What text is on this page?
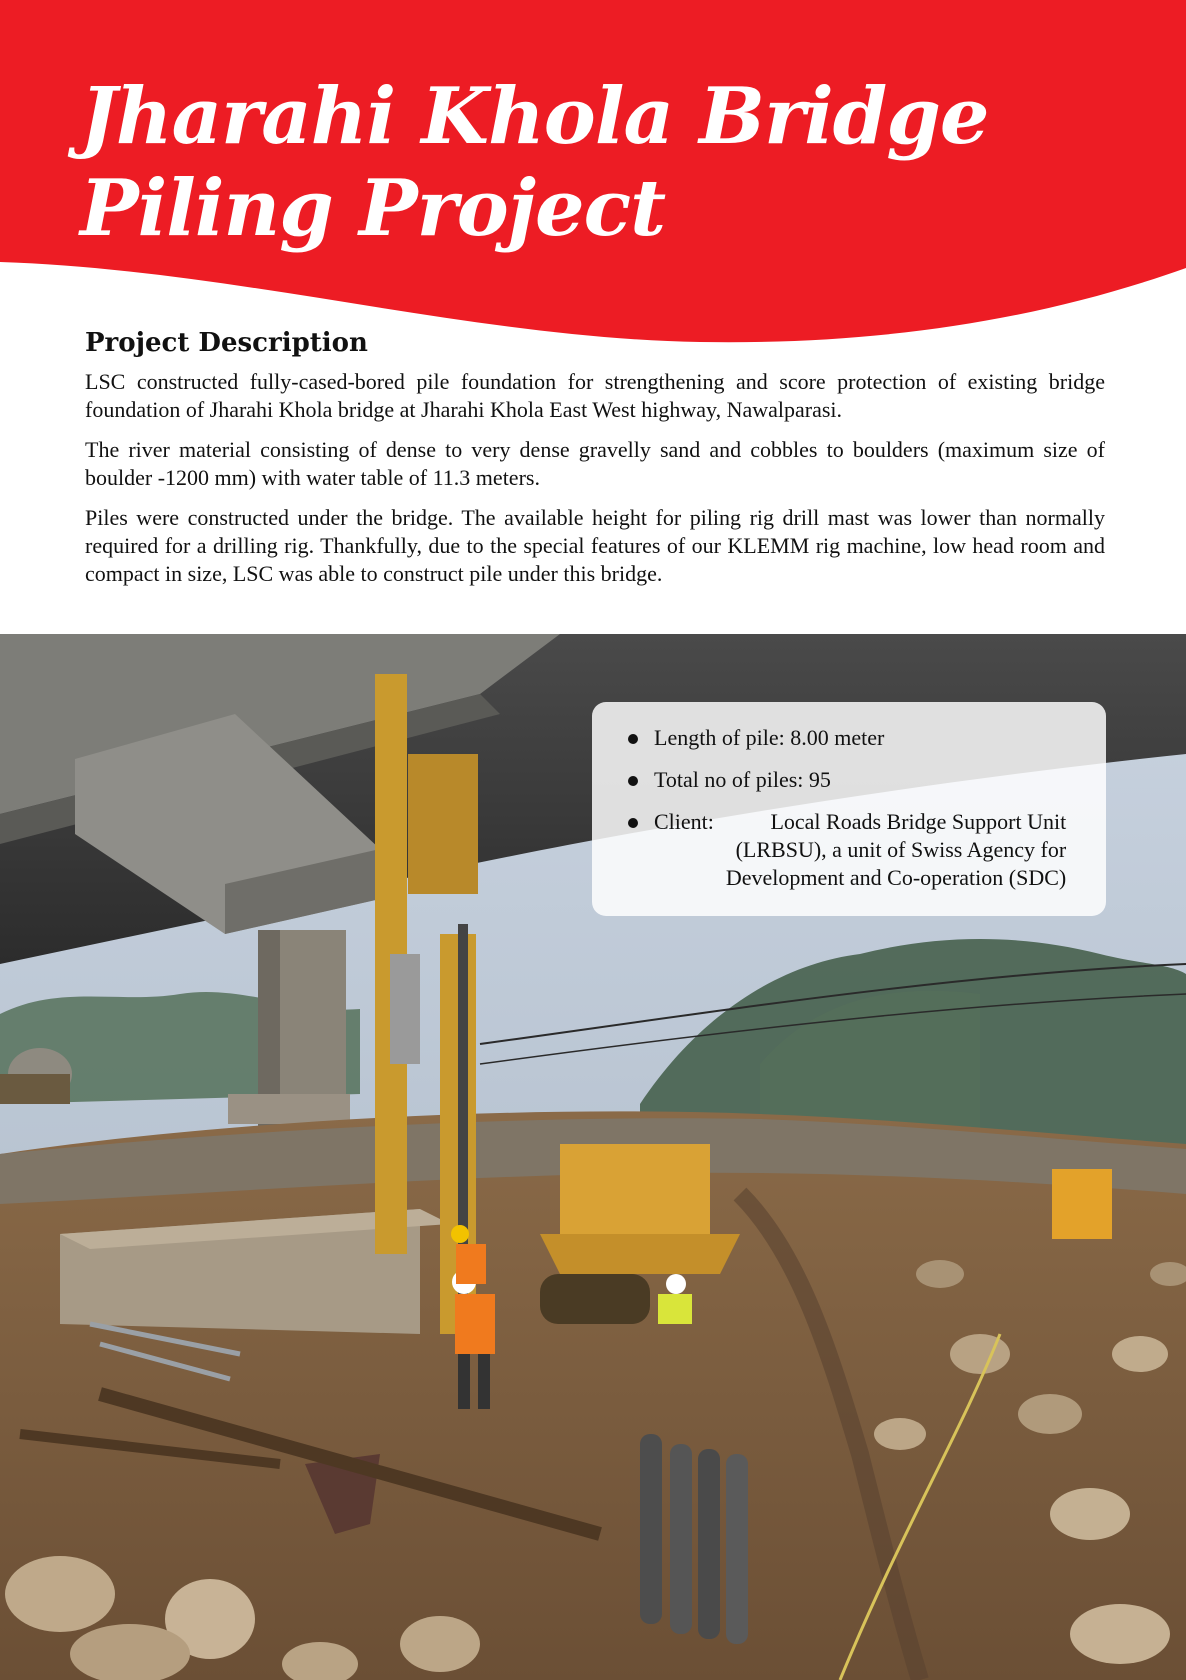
Jharahi Khola Bridge
Piling Project
Project Description

LSC constructed fully-cased-bored pile foundation for strengthening and score protection of existing bridge foundation of Jharahi Khola bridge at Jharahi Khola East West highway, Nawalparasi.

The river material consisting of dense to very dense gravelly sand and cobbles to boulders (maximum size of boulder -1200 mm) with water table of 11.3 meters.

Piles were constructed under the bridge. The available height for piling rig drill mast was lower than normally required for a drilling rig. Thankfully, due to the special features of our KLEMM rig machine, low head room and compact in size, LSC was able to construct pile under this bridge.

Length of pile: 8.00 meter
Total no of piles: 95
Client:	Local Roads Bridge Support Unit
(LRBSU), a unit of Swiss Agency for
Development and Co-operation (SDC)
